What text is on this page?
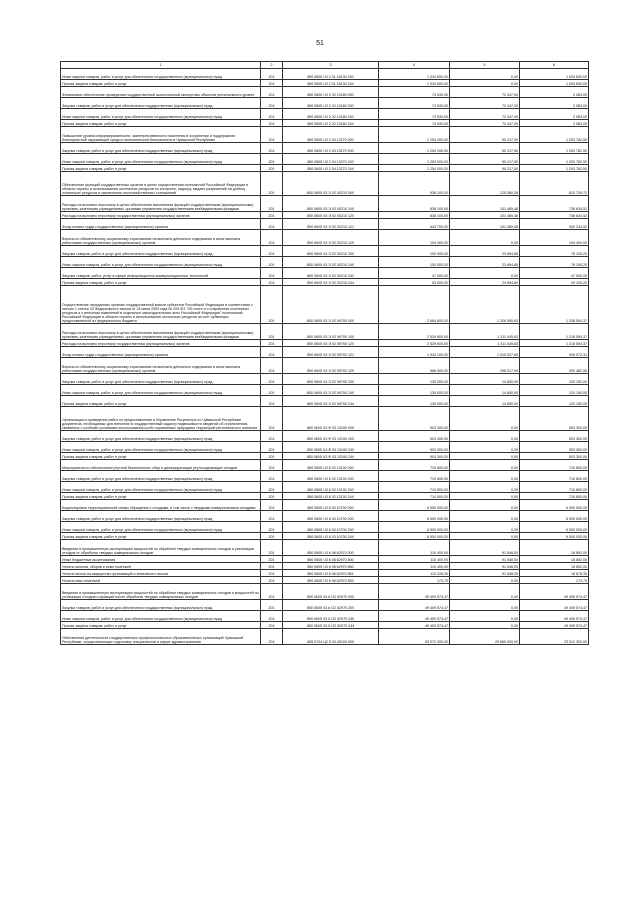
51
1	2	3	4	5	6
Иные закупки товаров, работ и услуг для обеспечения государственных (муниципальных) нужд	201	850 0605 Ч3 2 01 18130 240	1 034 600,00	0,00	1 034 600,00
Прочая закупка товаров, работ и услуг	201	850 0605 Ч3 2 01 18130 244	1 034 600,00	0,00	1 034 600,00
Финансовое обеспечение проведения государственной экологической экспертизы объектов регионального уровня	201	850 0605 Ч3 2 02 13180 000	74 530,00	72 447,00	2 083,00
Закупка товаров, работ и услуг для обеспечения государственных (муниципальных) нужд	201	850 0605 Ч3 2 02 13180 200	74 530,00	72 447,00	2 083,00
Иные закупки товаров, работ и услуг для обеспечения государственных (муниципальных) нужд	201	850 0605 Ч3 2 02 13180 240	74 530,00	72 447,00	2 083,00
Прочая закупка товаров, работ и услуг	201	850 0605 Ч3 2 02 13180 244	74 530,00	72 447,00	2 083,00
Повышение уровня информированности, заинтересованности населения в сохранении и поддержании благоприятной окружающей среды и экологической безопасности в Чувашской Республике	201	850 0605 Ч3 2 04 13270 000	1 254 000,00	50 217,50	1 203 782,50
Закупка товаров, работ и услуг для обеспечения государственных (муниципальных) нужд	201	850 0605 Ч3 2 04 13270 200	1 254 000,00	50 217,50	1 203 782,50
Иные закупки товаров, работ и услуг для обеспечения государственных (муниципальных) нужд	201	850 0605 Ч3 2 04 13270 240	1 254 000,00	50 217,50	1 203 782,50
Прочая закупка товаров, работ и услуг	201	850 0605 Ч3 2 04 13270 244	1 254 000,00	50 217,50	1 203 782,50
Обеспечение функций государственных органов в целях осуществления полномочий Российской Федерации в области охраны и использования охотничьих ресурсов по контролю, надзору, выдаче разрешений на добычу охотничьих ресурсов и заключению охотхозяйственных соглашений	201	850 0605 Ч3 Э 02 00210 000	938 100,00	125 360,28	812 739,72
Расходы на выплаты персоналу в целях обеспечения выполнения функций государственными (муниципальными) органами, казенными учреждениями, органами управления государственными внебюджетными фондами	201	850 0605 Ч3 Э 02 00210 100	838 100,00	101 465,48	736 634,52
Расходы на выплаты персоналу государственных (муниципальных) органов	201	850 0605 Ч3 Э 02 00210 120	838 100,00	101 465,48	736 634,52
Фонд оплаты труда государственных (муниципальных) органов	201	850 0605 Ч3 Э 02 00210 121	643 700,00	101 465,48	542 234,52
Взносы по обязательному социальному страхованию на выплаты денежного содержания и иные выплаты работникам государственных (муниципальных) органов	201	850 0605 Ч3 Э 02 00210 129	194 400,00	0,00	194 400,00
Закупка товаров, работ и услуг для обеспечения государственных (муниципальных) нужд	201	850 0605 Ч3 Э 02 00210 200	100 000,00	23 894,80	76 105,20
Иные закупки товаров, работ и услуг для обеспечения государственных (муниципальных) нужд	201	850 0605 Ч3 Э 02 00210 240	100 000,00	23 894,80	76 105,20
Закупка товаров, работ, услуг в сфере информационно-коммуникационных технологий	201	850 0605 Ч3 Э 02 00210 242	47 000,00	0,00	47 000,00
Прочая закупка товаров, работ и услуг	201	850 0605 Ч3 Э 02 00210 244	53 000,00	23 894,80	29 105,20
Осуществление переданных органам государственной власти субъектов Российской Федерации в соответствии с частью 1 статьи 33 Федерального закона от 24 июля 2009 года № 209-ФЗ "Об охоте и о сохранении охотничьих ресурсов и о внесении изменений в отдельные законодательные акты Российской Федерации" полномочий Российской Федерации в области охраны и использования охотничьих ресурсов за счет субвенции, предоставленной из федерального бюджета	201	850 0605 Ч3 Э 02 59700 000	2 664 600,00	1 326 095,63	1 338 504,37
Расходы на выплаты персоналу в целях обеспечения выполнения функций государственными (муниципальными) органами, казенными учреждениями, органами управления государственными внебюджетными фондами	201	850 0605 Ч3 Э 02 59700 100	2 529 600,00	1 311 045,63	1 218 554,37
Расходы на выплаты персоналу государственных (муниципальных) органов	201	850 0605 Ч3 Э 02 59700 120	2 529 600,00	1 311 045,63	1 218 554,37
Фонд оплаты труда государственных (муниципальных) органов	201	850 0605 Ч3 Э 02 59700 121	1 943 100,00	1 015 027,69	928 072,31
Взносы по обязательному социальному страхованию на выплаты денежного содержания и иные выплаты работникам государственных (муниципальных) органов	201	850 0605 Ч3 Э 02 59700 129	586 500,00	296 017,94	290 482,06
Закупка товаров, работ и услуг для обеспечения государственных (муниципальных) нужд	201	850 0605 Ч3 Э 02 59700 200	135 000,00	14 850,00	120 150,00
Иные закупки товаров, работ и услуг для обеспечения государственных (муниципальных) нужд	201	850 0605 Ч3 Э 02 59700 240	135 000,00	14 850,00	120 150,00
Прочая закупка товаров, работ и услуг	201	850 0605 Ч3 Э 02 59700 244	135 000,00	14 850,00	120 150,00
Организация и проведение работ по предоставлению в Управление Росреестра по Чувашской Республике документов, необходимых для внесения в государственный кадастр недвижимости сведений об ограничениях, связанных с особыми условиями использования особо охраняемых природных территорий регионального значения	201	850 0605 Ч3 Ф 03 13190 000	503 300,00	0,00	503 300,00
Закупка товаров, работ и услуг для обеспечения государственных (муниципальных) нужд	201	850 0605 Ч3 Ф 03 13190 200	503 300,00	0,00	503 300,00
Иные закупки товаров, работ и услуг для обеспечения государственных (муниципальных) нужд	201	850 0605 Ч3 Ф 03 13190 240	503 300,00	0,00	503 300,00
Прочая закупка товаров, работ и услуг	201	850 0605 Ч3 Ф 03 13190 244	503 300,00	0,00	503 300,00
Мероприятия по обеспечению ртутной безопасности: сбор и демеркуризация ртутьсодержащих отходов	201	850 0605 Ч3 6 02 13130 000	710 800,00	0,00	710 800,00
Закупка товаров, работ и услуг для обеспечения государственных (муниципальных) нужд	201	850 0605 Ч3 6 02 13130 200	710 800,00	0,00	710 800,00
Иные закупки товаров, работ и услуг для обеспечения государственных (муниципальных) нужд	201	850 0605 Ч3 6 02 13130 240	710 800,00	0,00	710 800,00
Прочая закупка товаров, работ и услуг	201	850 0605 Ч3 6 02 13130 244	710 800,00	0,00	710 800,00
Корректировка территориальной схемы обращения с отходами, в том числе с твердыми коммунальными отходами	201	850 0605 Ч3 6 03 10700 000	6 500 000,00	0,00	6 500 000,00
Закупка товаров, работ и услуг для обеспечения государственных (муниципальных) нужд	201	850 0605 Ч3 6 03 10700 200	6 500 000,00	0,00	6 500 000,00
Иные закупки товаров, работ и услуг для обеспечения государственных (муниципальных) нужд	201	850 0605 Ч3 6 03 10700 240	6 500 000,00	0,00	6 500 000,00
Прочая закупка товаров, работ и услуг	201	850 0605 Ч3 6 03 10700 244	6 500 000,00	0,00	6 500 000,00
Введение в промышленную эксплуатацию мощностей по обработке твердых коммунальных отходов и утилизации отходов от обработки твердых коммунальных отходов	201	850 0605 Ч3 6 06 62970 000	110 400,00	91 548,00	18 852,00
Иные бюджетные ассигнования	201	850 0605 Ч3 6 06 62970 800	110 400,00	91 548,00	18 852,00
Уплата налогов, сборов и иных платежей	201	850 0605 Ч3 6 06 62970 850	110 400,00	91 548,00	18 852,00
Уплата налога на имущество организаций и земельного налога	201	850 0605 Ч3 6 06 62970 851	110 226,30	91 548,00	18 678,30
Уплата иных платежей	201	850 0605 Ч3 6 06 62970 853	173,70	0,00	173,70
Введение в промышленную эксплуатацию мощностей по обработке твердых коммунальных отходов и мощностей по утилизации отходов и фракций после обработки твердых коммунальных отходов	201	850 0605 Ч3 6 G2 52970 000	49 409 574,47	0,00	49 409 574,47
Закупка товаров, работ и услуг для обеспечения государственных (муниципальных) нужд	201	850 0605 Ч3 6 G2 52970 200	49 409 574,47	0,00	49 409 574,47
Иные закупки товаров, работ и услуг для обеспечения государственных (муниципальных) нужд	201	850 0605 Ч3 6 G2 52970 240	49 409 574,47	0,00	49 409 574,47
Прочая закупка товаров, работ и услуг	201	850 0605 Ч3 6 G2 52970 244	49 409 574,47	0,00	49 409 574,47
Обеспечение деятельности государственных профессиональных образовательных организаций Чувашской Республики, осуществляющих подготовку специалистов в сфере здравоохранения	201	855 0704 Ц2 5 03 40100 000	53 072 300,00	29 560 000,00	23 512 300,00
